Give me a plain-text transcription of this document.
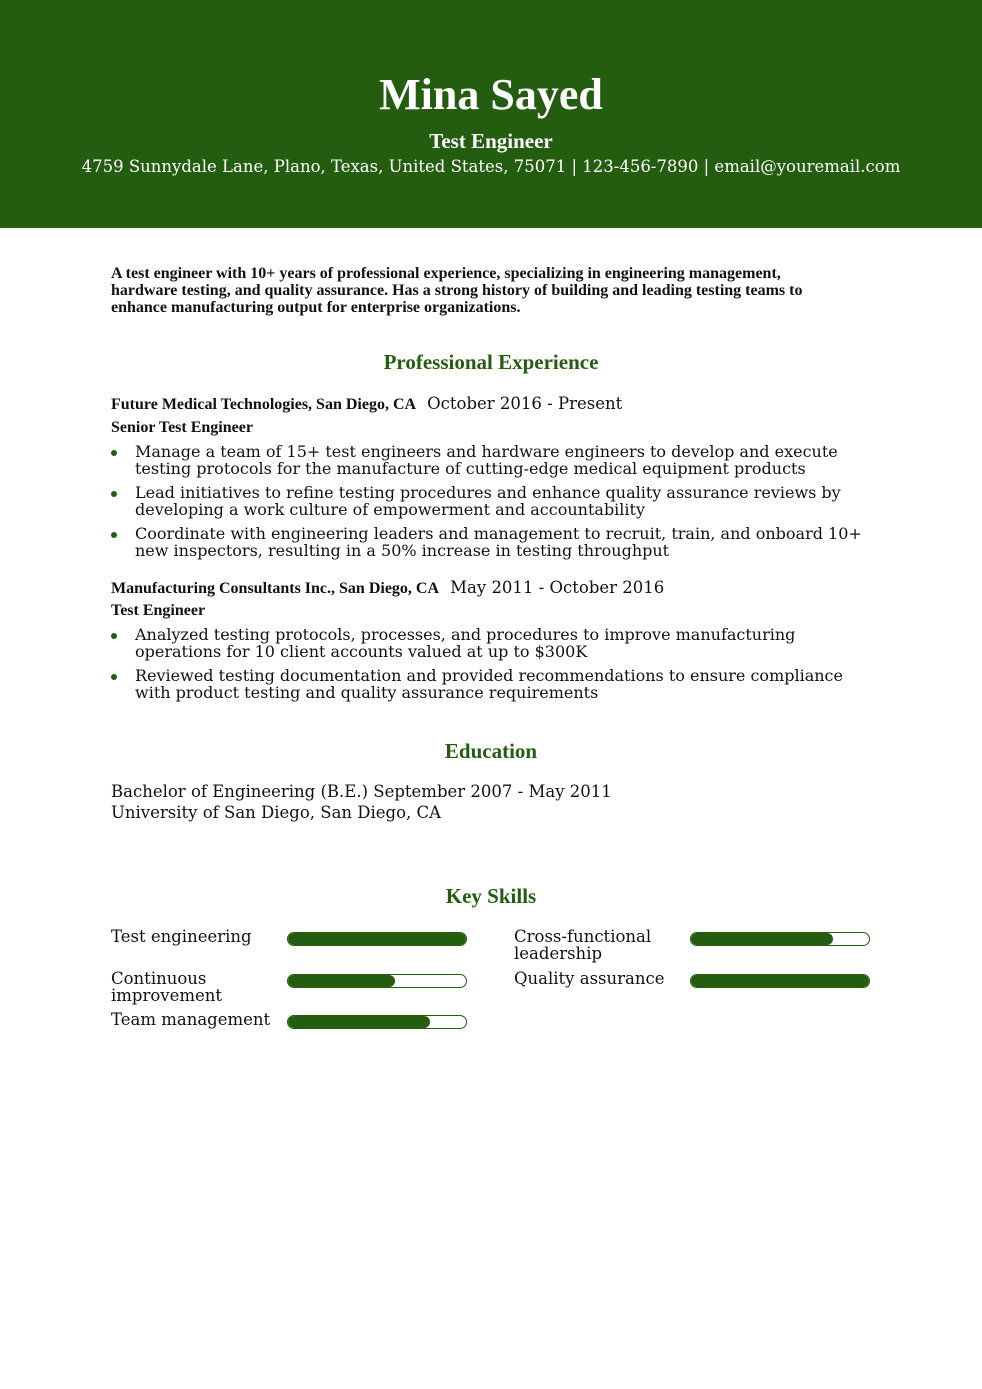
Mina Sayed
Test Engineer
4759 Sunnydale Lane, Plano, Texas, United States, 75071 | 123-456-7890 | email@youremail.com
A test engineer with 10+ years of professional experience, specializing in engineering management, hardware testing, and quality assurance. Has a strong history of building and leading testing teams to enhance manufacturing output for enterprise organizations.
Professional Experience
Future Medical Technologies, San Diego, CA October 2016 - Present
Senior Test Engineer
Manage a team of 15+ test engineers and hardware engineers to develop and execute testing protocols for the manufacture of cutting-edge medical equipment products
Lead initiatives to refine testing procedures and enhance quality assurance reviews by developing a work culture of empowerment and accountability
Coordinate with engineering leaders and management to recruit, train, and onboard 10+ new inspectors, resulting in a 50% increase in testing throughput
Manufacturing Consultants Inc., San Diego, CA May 2011 - October 2016
Test Engineer
Analyzed testing protocols, processes, and procedures to improve manufacturing operations for 10 client accounts valued at up to $300K
Reviewed testing documentation and provided recommendations to ensure compliance with product testing and quality assurance requirements
Education
Bachelor of Engineering (B.E.) September 2007 - May 2011
University of San Diego, San Diego, CA
Key Skills
Test engineering	Cross-functional leadership
Continuous improvement
Quality assurance
Team management
